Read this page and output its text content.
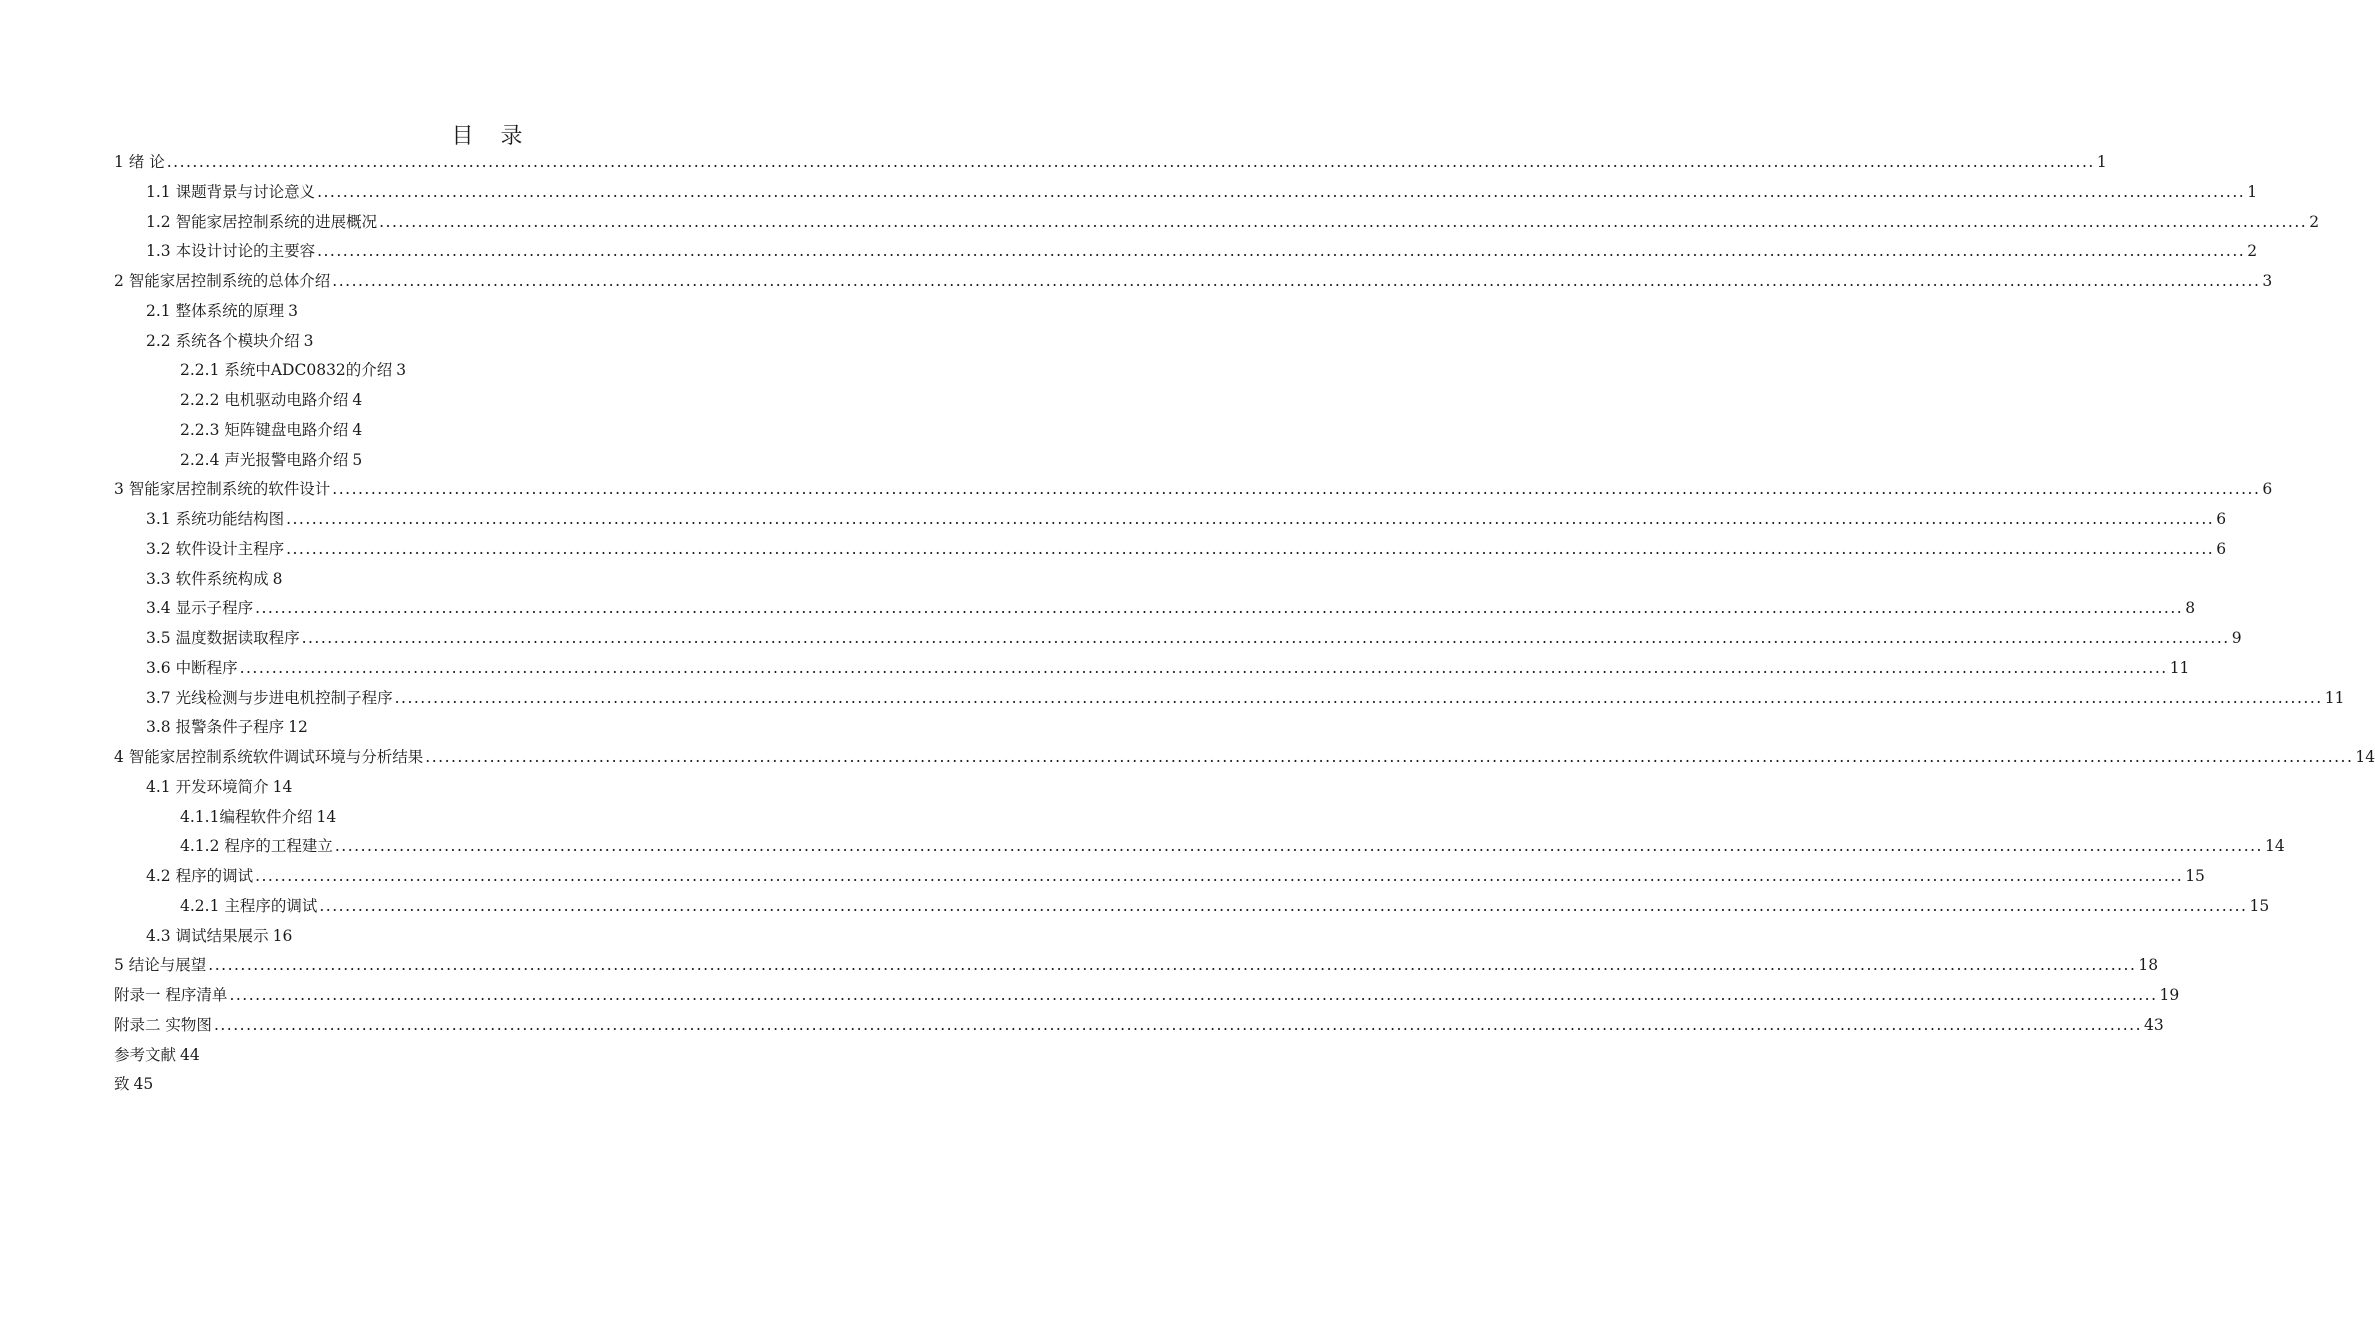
目 录
1 绪 论 ............................................................................................................................................................................................................................................................................................................ 1
1.1 课题背景与讨论意义 ............................................................................................................................................................................................................................................................................................................ 1
1.2 智能家居控制系统的进展概况 ............................................................................................................................................................................................................................................................................................................ 2
1.3 本设计讨论的主要容 ............................................................................................................................................................................................................................................................................................................ 2
2 智能家居控制系统的总体介绍 ............................................................................................................................................................................................................................................................................................................ 3
2.1 整体系统的原理 3
2.2 系统各个模块介绍 3
2.2.1 系统中ADC0832的介绍 3
2.2.2 电机驱动电路介绍 4
2.2.3 矩阵键盘电路介绍 4
2.2.4 声光报警电路介绍 5
3 智能家居控制系统的软件设计 ............................................................................................................................................................................................................................................................................................................ 6
3.1 系统功能结构图 ............................................................................................................................................................................................................................................................................................................ 6
3.2 软件设计主程序 ............................................................................................................................................................................................................................................................................................................ 6
3.3 软件系统构成 8
3.4 显示子程序 ............................................................................................................................................................................................................................................................................................................ 8
3.5 温度数据读取程序 ............................................................................................................................................................................................................................................................................................................ 9
3.6 中断程序 ............................................................................................................................................................................................................................................................................................................ 11
3.7 光线检测与步进电机控制子程序 ............................................................................................................................................................................................................................................................................................................ 11
3.8 报警条件子程序 12
4 智能家居控制系统软件调试环境与分析结果 ............................................................................................................................................................................................................................................................................................................ 14
4.1 开发环境简介 14
4.1.1编程软件介绍 14
4.1.2 程序的工程建立 ............................................................................................................................................................................................................................................................................................................ 14
4.2 程序的调试 ............................................................................................................................................................................................................................................................................................................ 15
4.2.1 主程序的调试 ............................................................................................................................................................................................................................................................................................................ 15
4.3 调试结果展示 16
5 结论与展望 ............................................................................................................................................................................................................................................................................................................ 18
附录一 程序清单 ............................................................................................................................................................................................................................................................................................................ 19
附录二 实物图 ............................................................................................................................................................................................................................................................................................................ 43
参考文献 44
致 45
